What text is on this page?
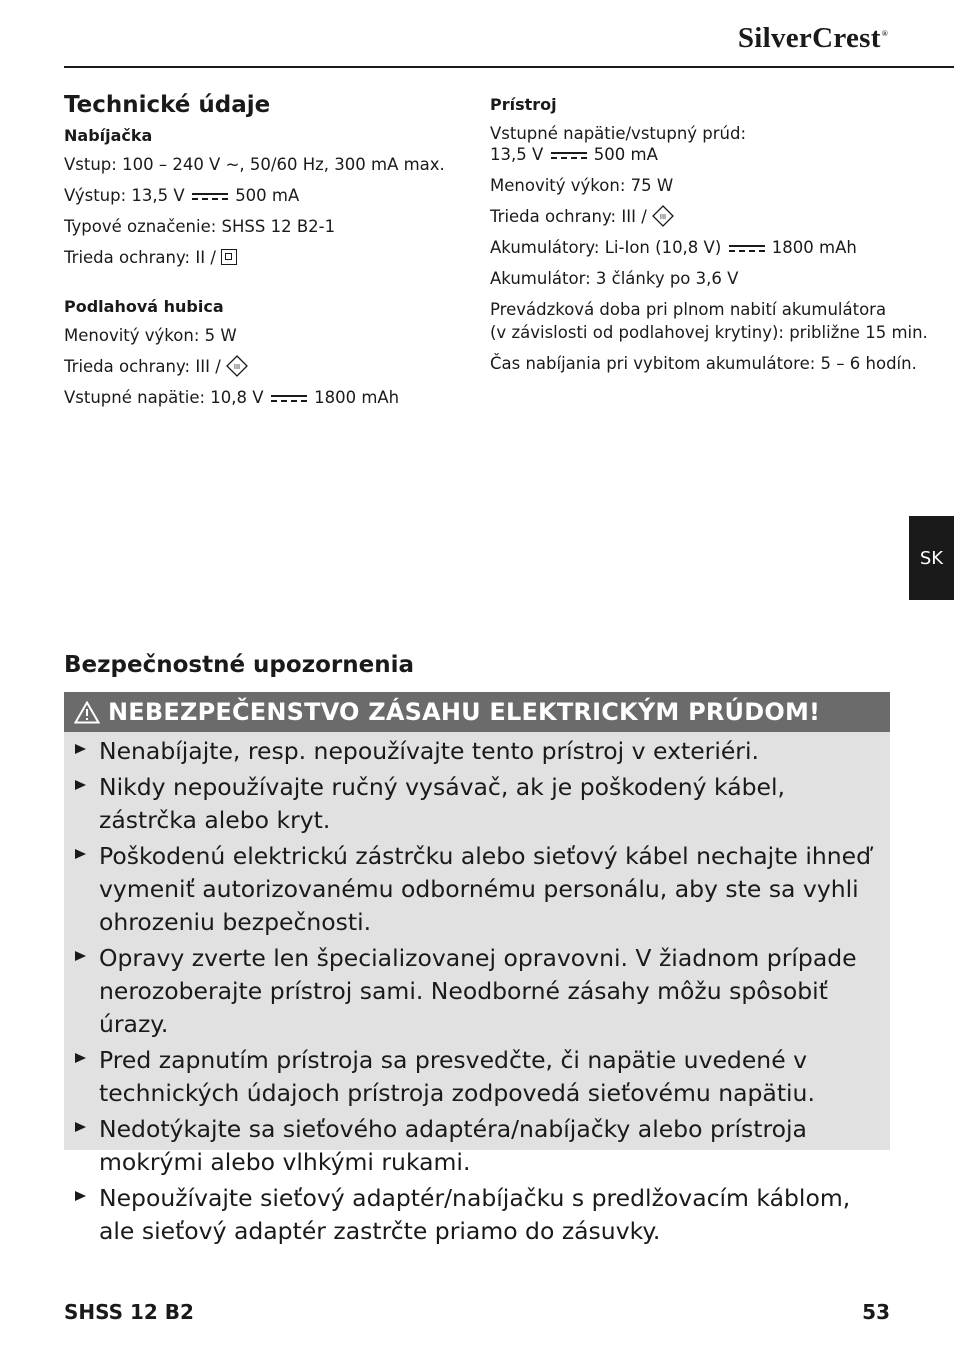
SilverCrest®
Technické údaje

Nabíjačka

Vstup: 100 – 240 V ~, 50/60 Hz, 300 mA max.

Výstup: 13,5 V	500 mA

Typové označenie: SHSS 12 B2-1

Trieda ochrany: II /

Podlahová hubica

Menovitý výkon: 5 W

Trieda ochrany: III / III

Vstupné napätie: 10,8 V	1800 mAh

Prístroj

Vstupné napätie/vstupný prúd:

13,5 V	500 mA

Menovitý výkon: 75 W

Trieda ochrany: III / III

Akumulátory: Li-Ion (10,8 V)	1800 mAh

Akumulátor: 3 články po 3,6 V

Prevádzková doba pri plnom nabití akumulátora

(v závislosti od podlahovej krytiny): približne 15 min.

Čas nabíjania pri vybitom akumulátore: 5 – 6 hodín.

SK
Bezpečnostné upozornenia
NEBEZPEČENSTVO ZÁSAHU ELEKTRICKÝM PRÚDOM!
Nenabíjajte, resp. nepoužívajte tento prístroj v exteriéri.
Nikdy nepoužívajte ručný vysávač, ak je poškodený kábel, zástrčka alebo kryt.
Poškodenú elektrickú zástrčku alebo sieťový kábel nechajte ihneď vymeniť autorizovanému odbornému personálu, aby ste sa vyhli ohrozeniu bezpečnosti.
Opravy zverte len špecializovanej opravovni. V žiadnom prípade nerozoberajte prístroj sami. Neodborné zásahy môžu spôsobiť úrazy.
Pred zapnutím prístroja sa presvedčte, či napätie uvedené v technických údajoch prístroja zodpovedá sieťovému napätiu.
Nedotýkajte sa sieťového adaptéra/nabíjačky alebo prístroja mokrými alebo vlhkými rukami.
Nepoužívajte sieťový adaptér/nabíjačku s predlžovacím káblom, ale sieťový adaptér zastrčte priamo do zásuvky.
SHSS 12 B2	53
